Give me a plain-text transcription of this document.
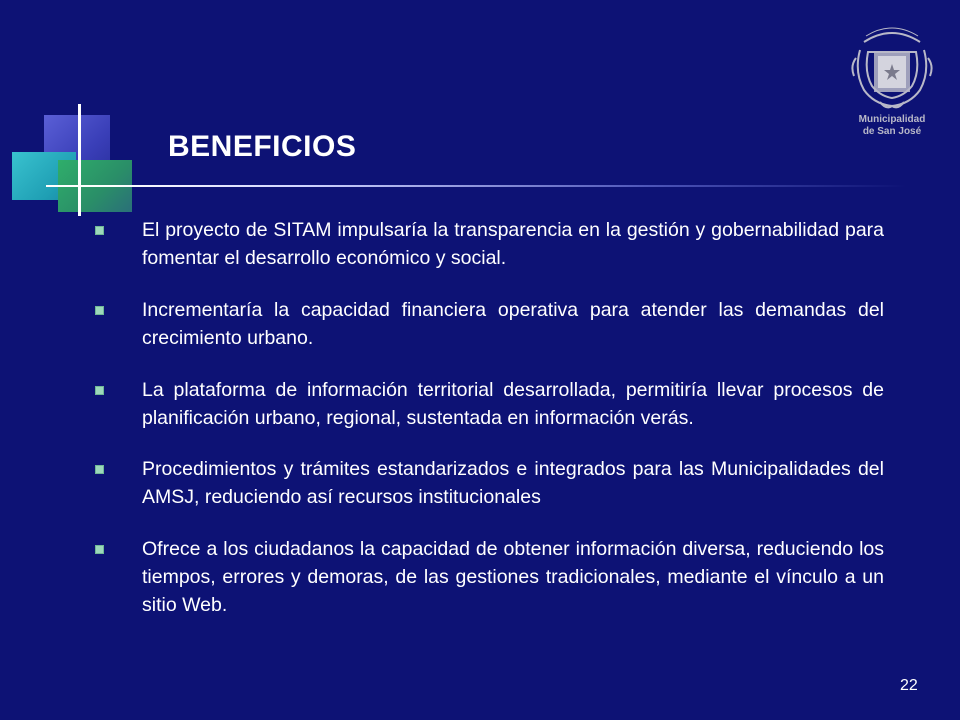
BENEFICIOS
Municipalidad
de San José
El proyecto de SITAM impulsaría la transparencia en la gestión y gobernabilidad para fomentar el desarrollo económico y social.
Incrementaría la capacidad financiera operativa para atender las demandas del crecimiento urbano.
La plataforma de información territorial desarrollada, permitiría llevar procesos de planificación urbano, regional, sustentada en información verás.
Procedimientos y trámites estandarizados e integrados para las Municipalidades del AMSJ, reduciendo así recursos institucionales
Ofrece a los ciudadanos la capacidad de obtener información diversa, reduciendo los tiempos, errores y demoras, de las gestiones tradicionales, mediante el vínculo a un sitio Web.
22
